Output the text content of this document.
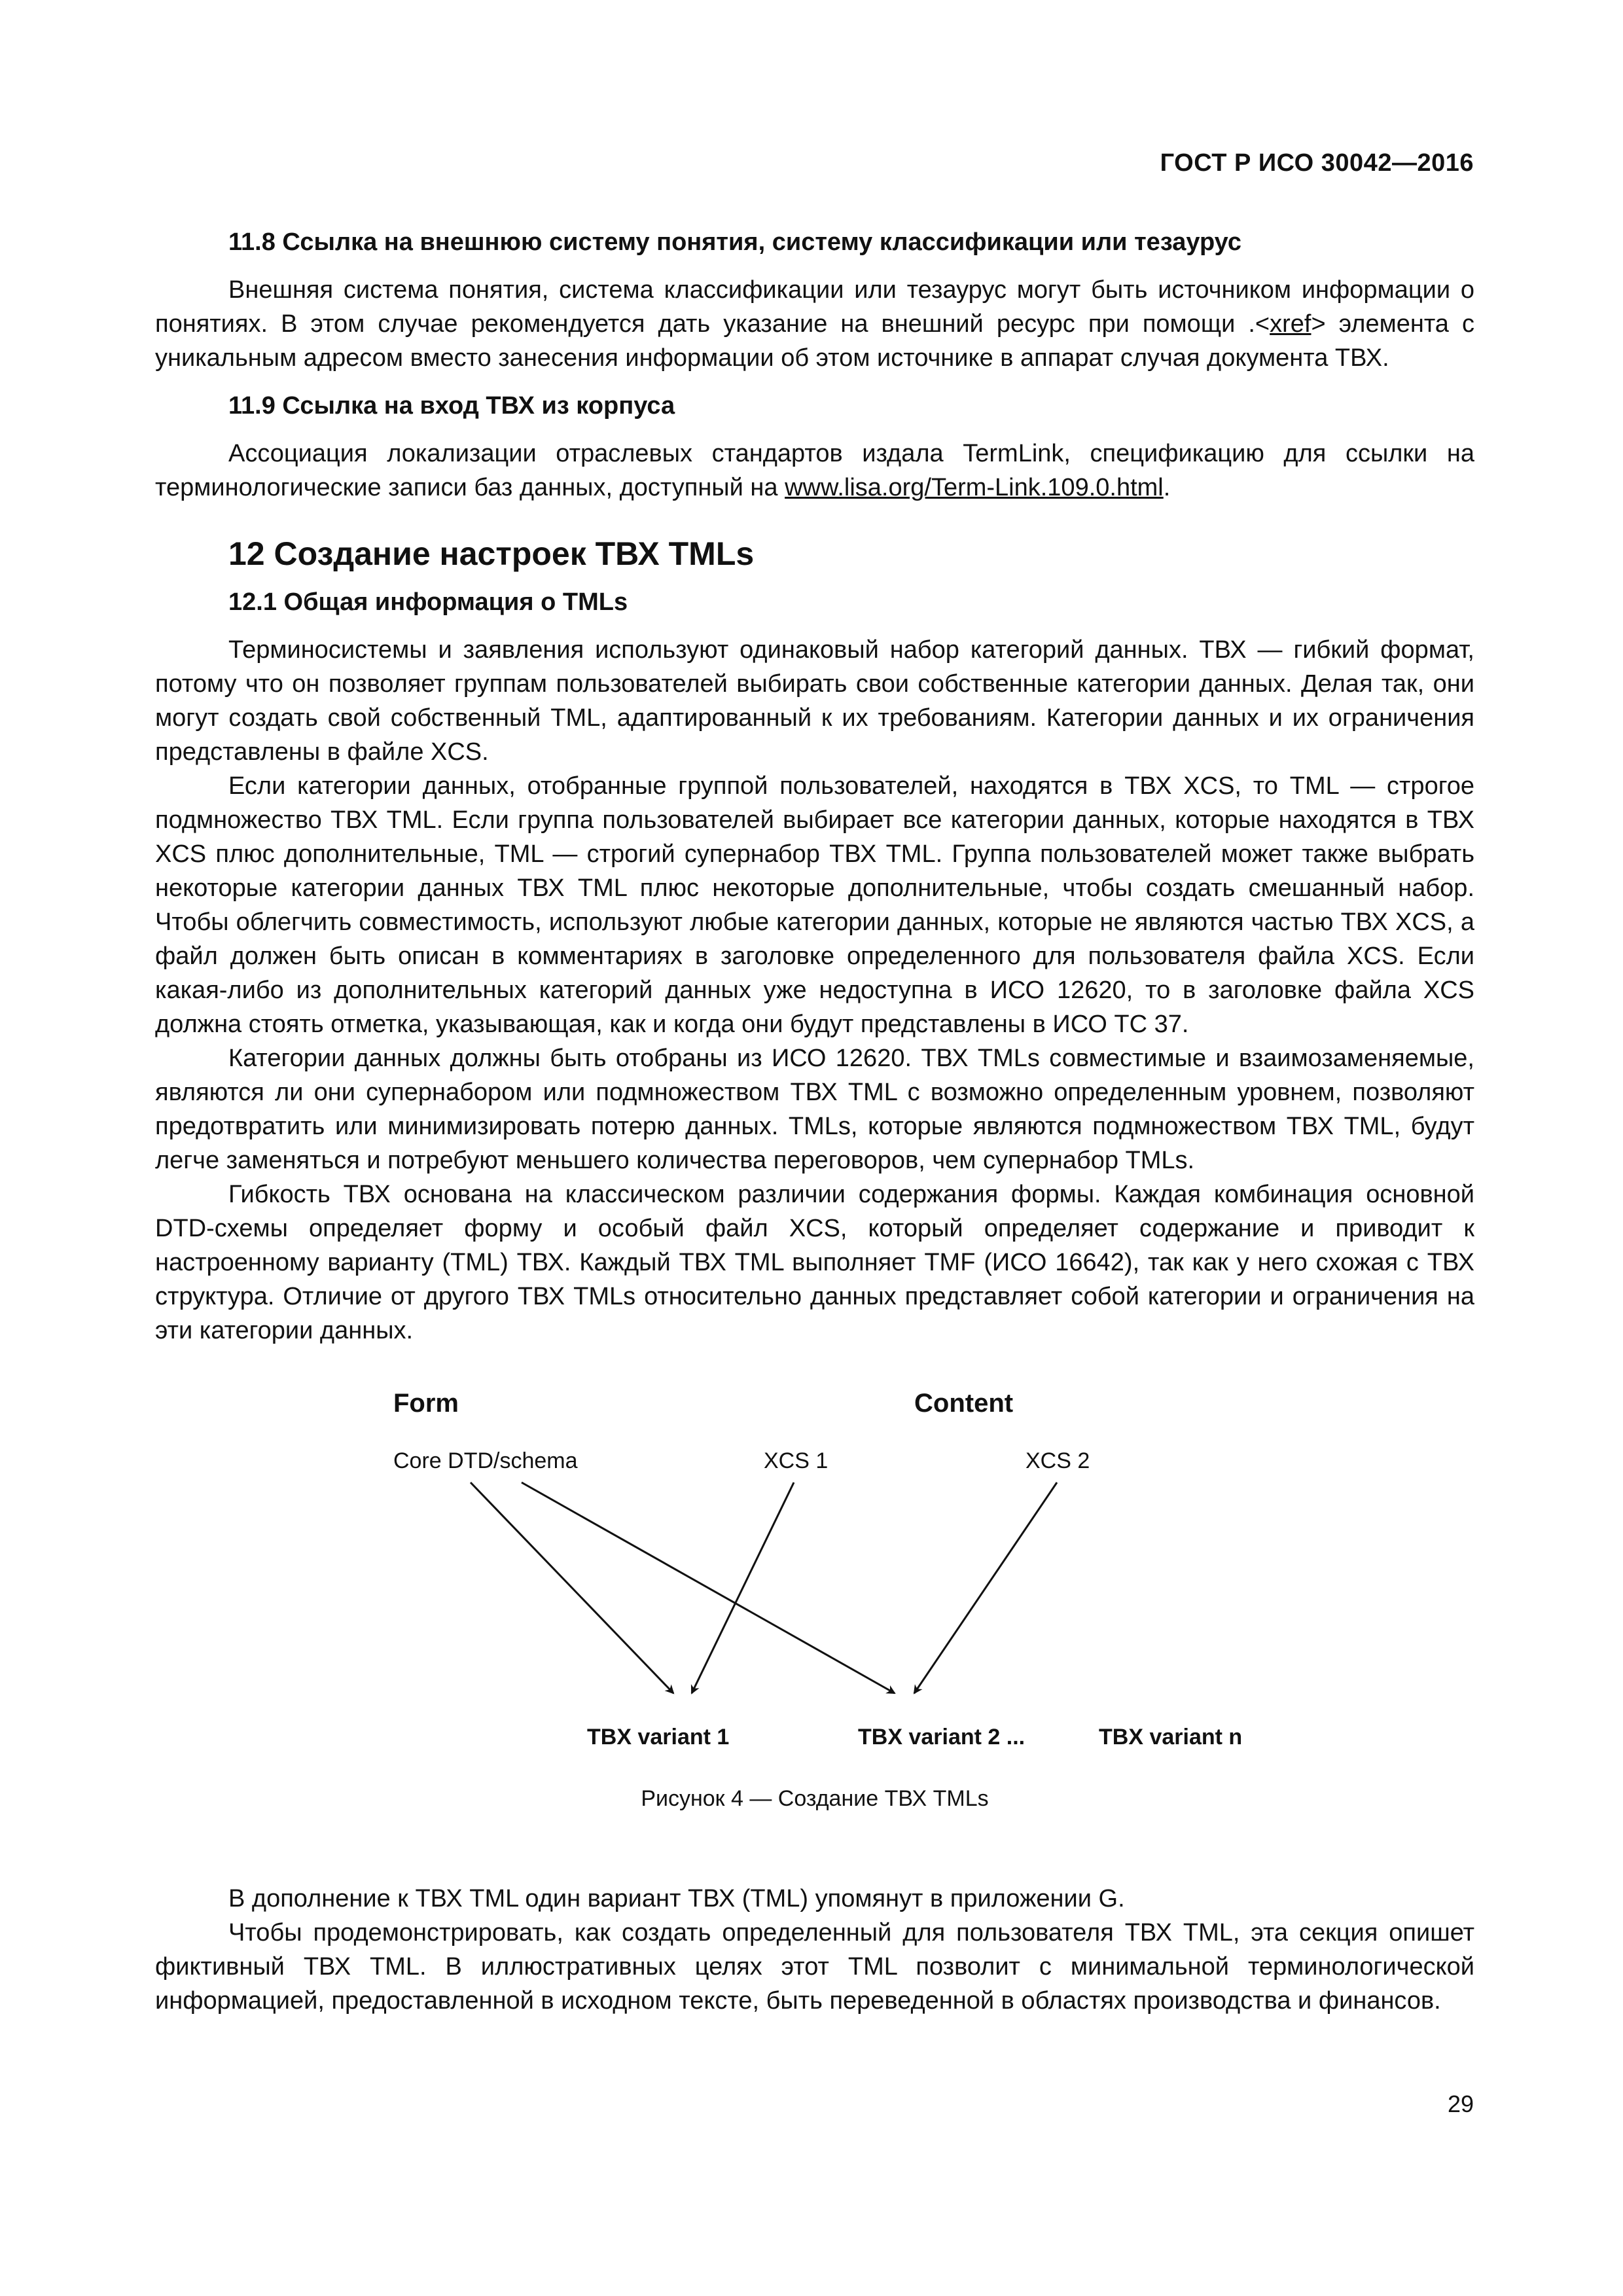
ГОСТ Р ИСО 30042—2016
11.8 Ссылка на внешнюю систему понятия, систему классификации или тезаурус

Внешняя система понятия, система классификации или тезаурус могут быть источником информации о понятиях. В этом случае рекомендуется дать указание на внешний ресурс при помощи .<xref> элемента с уникальным адресом вместо занесения информации об этом источнике в аппарат случая документа ТВХ.

11.9 Ссылка на вход ТВХ из корпуса

Ассоциация локализации отраслевых стандартов издала TermLink, спецификацию для ссылки на терминологические записи баз данных, доступный на www.lisa.org/Term-Link.109.0.html.

12 Создание настроек ТВХ TMLs
12.1 Общая информация о TMLs

Терминосистемы и заявления используют одинаковый набор категорий данных. ТВХ — гибкий формат, потому что он позволяет группам пользователей выбирать свои собственные категории данных. Делая так, они могут создать свой собственный TML, адаптированный к их требованиям. Категории данных и их ограничения представлены в файле XCS.

Если категории данных, отобранные группой пользователей, находятся в ТВХ XCS, то TML — строгое подмножество ТВХ TML. Если группа пользователей выбирает все категории данных, которые находятся в ТВХ XCS плюс дополнительные, TML — строгий супернабор ТВХ TML. Группа пользователей может также выбрать некоторые категории данных ТВХ TML плюс некоторые дополнительные, чтобы создать смешанный набор. Чтобы облегчить совместимость, используют любые категории данных, которые не являются частью ТВХ XCS, а файл должен быть описан в комментариях в заголовке определенного для пользователя файла XCS. Если какая-либо из дополнительных категорий данных уже недоступна в ИСО 12620, то в заголовке файла XCS должна стоять отметка, указывающая, как и когда они будут представлены в ИСО ТС 37.

Категории данных должны быть отобраны из ИСО 12620. ТВХ TMLs совместимые и взаимозаменяемые, являются ли они супернабором или подмножеством ТВХ TML с возможно определенным уровнем, позволяют предотвратить или минимизировать потерю данных. TMLs, которые являются подмножеством ТВХ TML, будут легче заменяться и потребуют меньшего количества переговоров, чем супернабор TMLs.

Гибкость ТВХ основана на классическом различии содержания формы. Каждая комбинация основной DTD-схемы определяет форму и особый файл XCS, который определяет содержание и приводит к настроенному варианту (TML) ТВХ. Каждый ТВХ TML выполняет TMF (ИСО 16642), так как у него схожая с ТВХ структура. Отличие от другого ТВХ TMLs относительно данных представляет собой категории и ограничения на эти категории данных.

Form	Content
Core DTD/schema	XCS 1	XCS 2
TBX variant 1	TBX variant 2 ...	TBX variant n
Рисунок 4 — Создание ТВХ TMLs

В дополнение к ТВХ TML один вариант ТВХ (TML) упомянут в приложении G.

Чтобы продемонстрировать, как создать определенный для пользователя ТВХ TML, эта секция опишет фиктивный ТВХ TML. В иллюстративных целях этот TML позволит с минимальной терминологической информацией, предоставленной в исходном тексте, быть переведенной в областях производства и финансов.

29
